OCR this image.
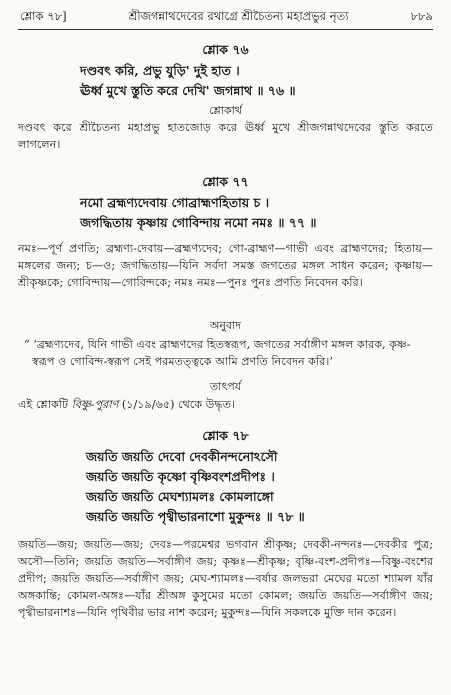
শ্লোক ৭৮]	শ্রীজগন্নাথদেবের রথাগ্রে শ্রীচৈতন্য মহাপ্রভুর নৃত্য	৮৮৯
শ্লোক ৭৬
দণ্ডবৎ করি, প্রভু যুড়ি' দুই হাত ।
ঊর্ধ্ব মুখে স্তুতি করে দেখি' জগন্নাথ ॥ ৭৬ ॥
শ্লোকার্থ
দণ্ডবৎ করে শ্রীচৈতন্য মহাপ্রভু হাতজোড় করে ঊর্ধ্ব মুখে শ্রীজগন্নাথদেবের স্তুতি করতে লাগলেন।
শ্লোক ৭৭
নমো ব্রহ্মণ্যদেবায় গোব্রাহ্মণহিতায় চ ।
জগদ্ধিতায় কৃষ্ণায় গোবিন্দায় নমো নমঃ ॥ ৭৭ ॥
নমঃ—পূর্ণ প্রণতি; ব্রহ্মণ্য-দেবায়—ব্রহ্মণ্যদেব; গো-ব্রাহ্মণ—গাভী এবং ব্রাহ্মণদের; হিতায়—মঙ্গলের জন্য; চ—ও; জগদ্ধিতায়—যিনি সর্বদা সমস্ত জগতের মঙ্গল সাধন করেন; কৃষ্ণায়—শ্রীকৃষ্ণকে; গোবিন্দায়—গোবিন্দকে; নমঃ নমঃ—পুনঃ পুনঃ প্রণতি নিবেদন করি।
অনুবাদ
“ ‘ব্রহ্মণ্যদেব, যিনি গাভী এবং ব্রাহ্মণদের হিতস্বরূপ, জগতের সর্বাঙ্গীণ মঙ্গল কারক, কৃষ্ণ-স্বরূপ ও গোবিন্দ-স্বরূপ সেই পরমতত্ত্বকে আমি প্রণতি নিবেদন করি।’
তাৎপর্য
এই শ্লোকটি বিষ্ণু-পুরাণ (১/১৯/৬৫) থেকে উদ্ধৃত।
শ্লোক ৭৮
জয়তি জয়তি দেবো দেবকীনন্দনোঽসৌ
জয়তি জয়তি কৃষ্ণো বৃষ্ণিবংশপ্রদীপঃ ।
জয়তি জয়তি মেঘশ্যামলঃ কোমলাঙ্গো
জয়তি জয়তি পৃথ্বীভারনাশো মুকুন্দঃ ॥ ৭৮ ॥
জয়তি—জয়; জয়তি—জয়; দেবঃ—পরমেশ্বর ভগবান শ্রীকৃষ্ণ; দেবকী-নন্দনঃ—দেবকীর পুত্র; অসৌ—তিনি; জয়তি জয়তি—সর্বাঙ্গীণ জয়; কৃষ্ণঃ—শ্রীকৃষ্ণ; বৃষ্ণি-বংশ-প্রদীপঃ—বিষ্ণু-বংশের প্রদীপ; জয়তি জয়তি—সর্বাঙ্গীণ জয়; মেঘ-শ্যামলঃ—বর্ষার জলভরা মেঘের মতো শ্যামল যাঁর অঙ্গকান্তি; কোমল-অঙ্গঃ—যাঁর শ্রীঅঙ্গ কুসুমের মতো কোমল; জয়তি জয়তি—সর্বাঙ্গীণ জয়; পৃথ্বীভারনাশঃ—যিনি পৃথিবীর ভার নাশ করেন; মুকুন্দঃ—যিনি সকলকে মুক্তি দান করেন।
